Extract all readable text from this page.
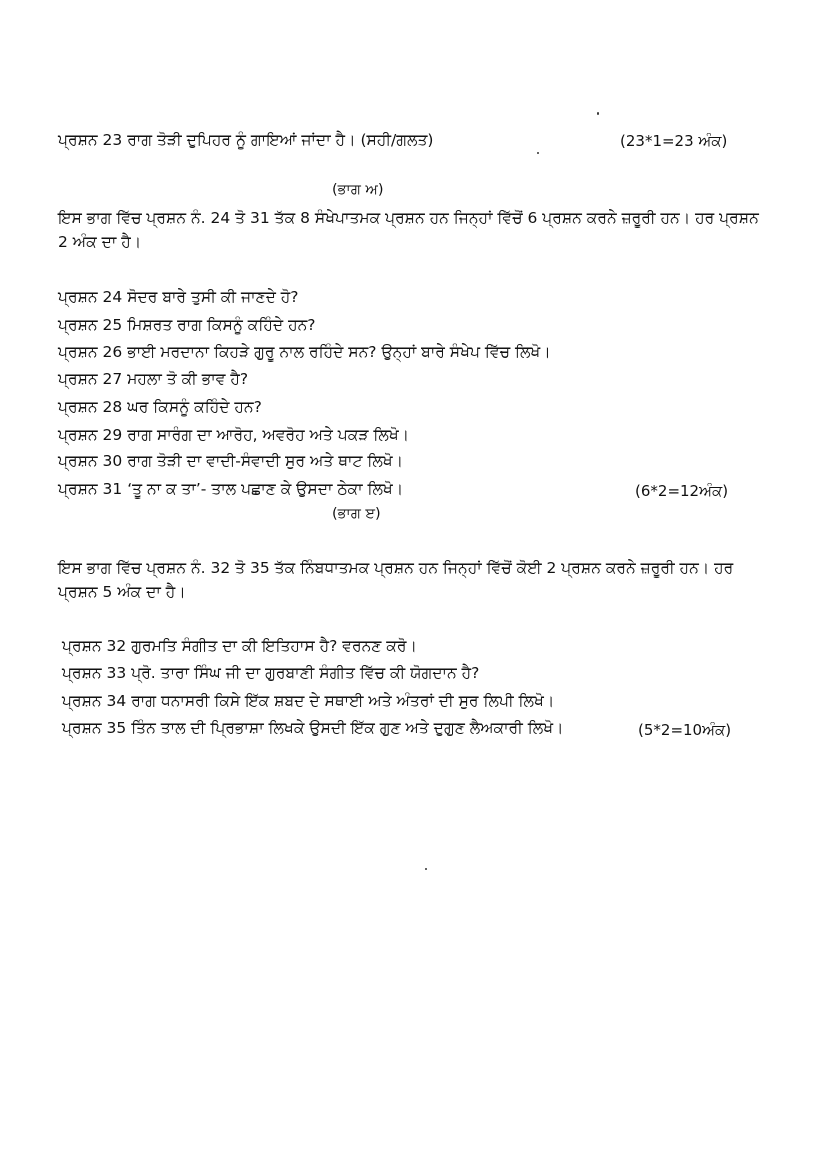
ਪ੍ਰਸ਼ਨ 23 ਰਾਗ ਤੋੜੀ ਦੁਪਿਹਰ ਨੂੰ ਗਾਇਆਂ ਜਾਂਦਾ ਹੈ। (ਸਹੀ/ਗਲਤ)	(23*1=23 ਅੰਕ)
(ਭਾਗ ਅ)
ਇਸ ਭਾਗ ਵਿੱਚ ਪ੍ਰਸ਼ਨ ਨੰ. 24 ਤੋ 31 ਤੱਕ 8 ਸੰਖੇਪਾਤਮਕ ਪ੍ਰਸ਼ਨ ਹਨ ਜਿਨ੍ਹਾਂ ਵਿੱਚੋਂ 6 ਪ੍ਰਸ਼ਨ ਕਰਨੇ ਜ਼ਰੂਰੀ ਹਨ। ਹਰ ਪ੍ਰਸ਼ਨ 2 ਅੰਕ ਦਾ ਹੈ।
ਪ੍ਰਸ਼ਨ 24 ਸੋਦਰ ਬਾਰੇ ਤੁਸੀ ਕੀ ਜਾਣਦੇ ਹੋ?
ਪ੍ਰਸ਼ਨ 25 ਮਿਸ਼ਰਤ ਰਾਗ ਕਿਸਨੂੰ ਕਹਿੰਦੇ ਹਨ?
ਪ੍ਰਸ਼ਨ 26 ਭਾਈ ਮਰਦਾਨਾ ਕਿਹੜੇ ਗੁਰੂ ਨਾਲ ਰਹਿੰਦੇ ਸਨ? ਉਨ੍ਹਾਂ ਬਾਰੇ ਸੰਖੇਪ ਵਿੱਚ ਲਿਖੋ।
ਪ੍ਰਸ਼ਨ 27 ਮਹਲਾ ਤੋ ਕੀ ਭਾਵ ਹੈ?
ਪ੍ਰਸ਼ਨ 28 ਘਰ ਕਿਸਨੂੰ ਕਹਿੰਦੇ ਹਨ?
ਪ੍ਰਸ਼ਨ 29 ਰਾਗ ਸਾਰੰਗ ਦਾ ਆਰੋਹ, ਅਵਰੋਹ ਅਤੇ ਪਕੜ ਲਿਖੋ।
ਪ੍ਰਸ਼ਨ 30 ਰਾਗ ਤੋੜੀ ਦਾ ਵਾਦੀ-ਸੰਵਾਦੀ ਸੁਰ ਅਤੇ ਥਾਟ ਲਿਖੋ।
ਪ੍ਰਸ਼ਨ 31 ‘ਤੂ ਨਾ ਕ ਤਾ’- ਤਾਲ ਪਛਾਣ ਕੇ ਉਸਦਾ ਠੇਕਾ ਲਿਖੋ।	(6*2=12ਅੰਕ)
(ਭਾਗ ੲ)
ਇਸ ਭਾਗ ਵਿੱਚ ਪ੍ਰਸ਼ਨ ਨੰ. 32 ਤੋ 35 ਤੱਕ ਨਿੰਬਧਾਤਮਕ ਪ੍ਰਸ਼ਨ ਹਨ ਜਿਨ੍ਹਾਂ ਵਿੱਚੋਂ ਕੋਈ 2 ਪ੍ਰਸ਼ਨ ਕਰਨੇ ਜ਼ਰੂਰੀ ਹਨ। ਹਰ ਪ੍ਰਸ਼ਨ 5 ਅੰਕ ਦਾ ਹੈ।
ਪ੍ਰਸ਼ਨ 32 ਗੁਰਮਤਿ ਸੰਗੀਤ ਦਾ ਕੀ ਇਤਿਹਾਸ ਹੈ? ਵਰਨਣ ਕਰੋ।
ਪ੍ਰਸ਼ਨ 33 ਪ੍ਰੋ. ਤਾਰਾ ਸਿੰਘ ਜੀ ਦਾ ਗੁਰਬਾਣੀ ਸੰਗੀਤ ਵਿੱਚ ਕੀ ਯੋਗਦਾਨ ਹੈ?
ਪ੍ਰਸ਼ਨ 34 ਰਾਗ ਧਨਾਸਰੀ ਕਿਸੇ ਇੱਕ ਸ਼ਬਦ ਦੇ ਸਥਾਈ ਅਤੇ ਅੰਤਰਾਂ ਦੀ ਸੁਰ ਲਿਪੀ ਲਿਖੋ।
ਪ੍ਰਸ਼ਨ 35 ਤਿੰਨ ਤਾਲ ਦੀ ਪ੍ਰਿਭਾਸ਼ਾ ਲਿਖਕੇ ਉਸਦੀ ਇੱਕ ਗੁਣ ਅਤੇ ਦੁਗੁਣ ਲੈਅਕਾਰੀ ਲਿਖੋ।	(5*2=10ਅੰਕ)
